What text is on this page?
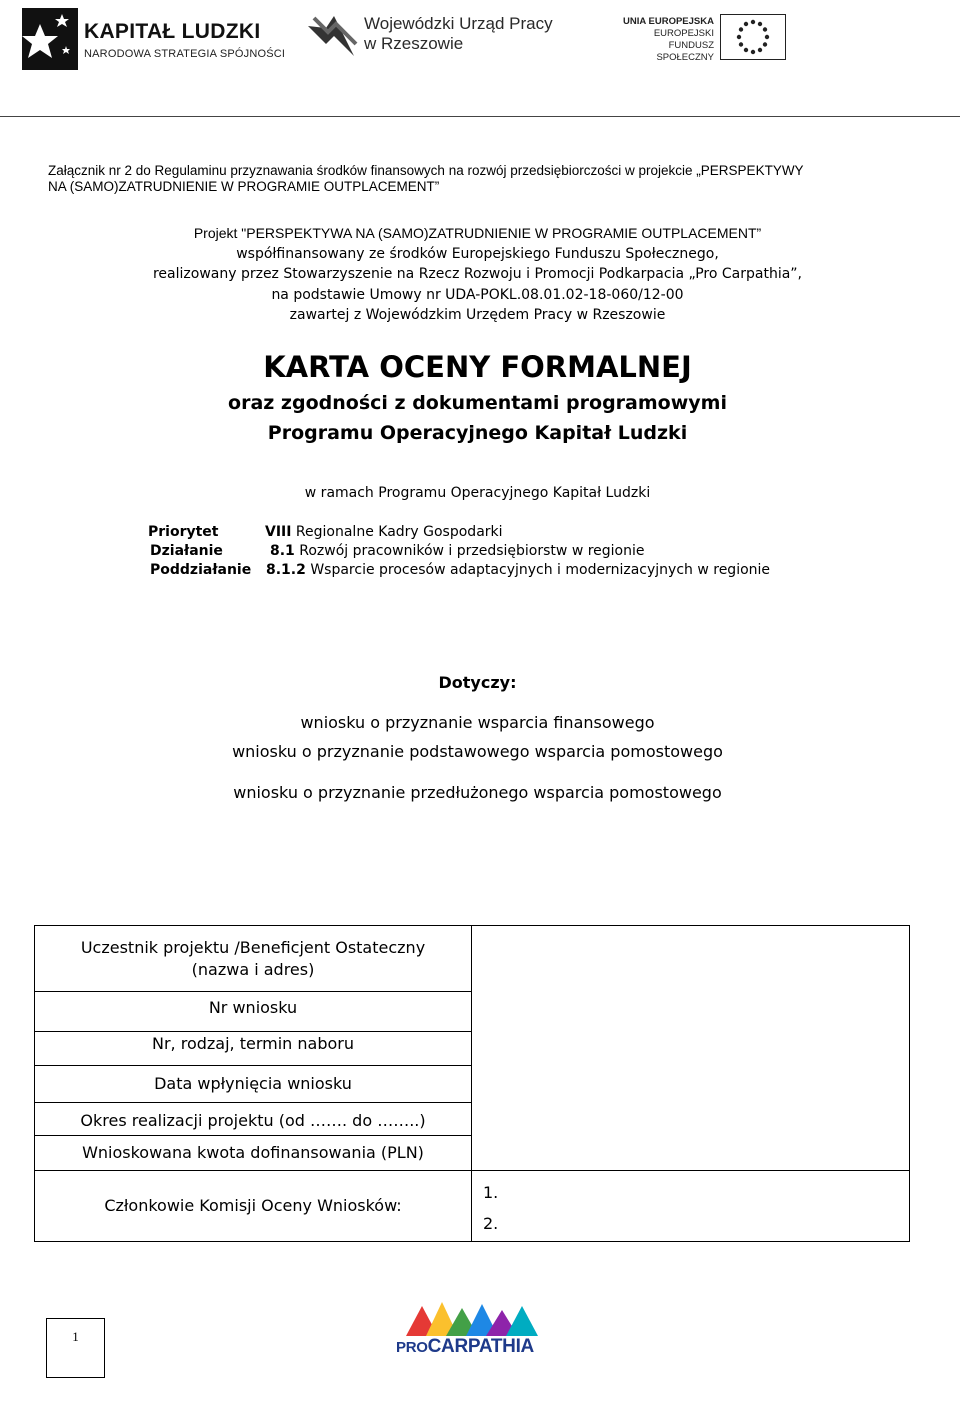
KAPITAŁ LUDZKI
NARODOWA STRATEGIA SPÓJNOŚCI
Wojewódzki Urząd Pracy
w Rzeszowie
UNIA EUROPEJSKA
EUROPEJSKI
FUNDUSZ SPOŁECZNY
Załącznik nr 2 do Regulaminu przyznawania środków finansowych na rozwój przedsiębiorczości w projekcie „PERSPEKTYWY
NA (SAMO)ZATRUDNIENIE W PROGRAMIE OUTPLACEMENT”
Projekt "PERSPEKTYWA NA (SAMO)ZATRUDNIENIE W PROGRAMIE OUTPLACEMENT”
współfinansowany ze środków Europejskiego Funduszu Społecznego,
realizowany przez Stowarzyszenie na Rzecz Rozwoju i Promocji Podkarpacia „Pro Carpathia”,
na podstawie Umowy nr UDA-POKL.08.01.02-18-060/12-00
zawartej z Wojewódzkim Urzędem Pracy w Rzeszowie
KARTA OCENY FORMALNEJ
oraz zgodności z dokumentami programowymi
Programu Operacyjnego Kapitał Ludzki
w ramach Programu Operacyjnego Kapitał Ludzki
Priorytet	VIII Regionalne Kadry Gospodarki
Działanie	8.1 Rozwój pracowników i przedsiębiorstw w regionie
Poddziałanie 8.1.2 Wsparcie procesów adaptacyjnych i modernizacyjnych w regionie
Dotyczy:
wniosku o przyznanie wsparcia finansowego
wniosku o przyznanie podstawowego wsparcia pomostowego
wniosku o przyznanie przedłużonego wsparcia pomostowego
Uczestnik projektu /Beneficjent Ostateczny
(nazwa i adres)
Nr wniosku
Nr, rodzaj, termin naboru
Data wpłynięcia wniosku
Okres realizacji projektu (od ……. do ……..)
Wnioskowana kwota dofinansowania (PLN)
Członkowie Komisji Oceny Wniosków:
1.
2.
1
PROCARPATHIA
